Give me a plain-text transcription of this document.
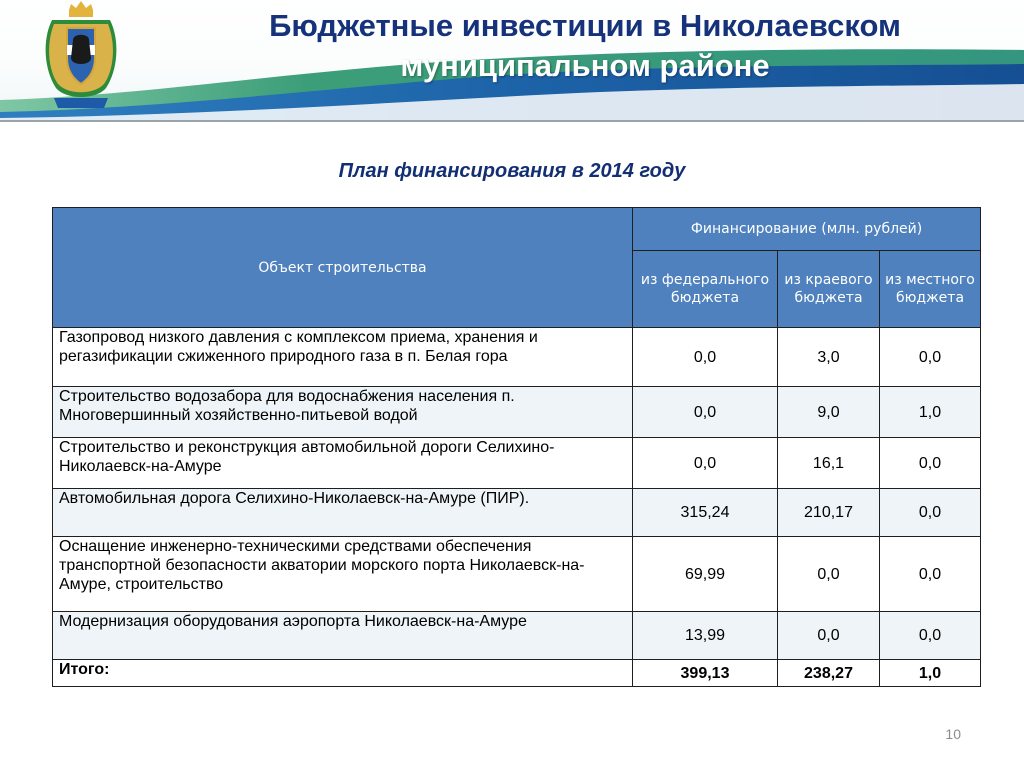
Бюджетные инвестиции в Николаевском
муниципальном районе
План финансирования в 2014 году
Объект строительства	Финансирование (млн. рублей)		
	из федерального бюджета	из краевого бюджета	из местного бюджета
Газопровод низкого давления с комплексом приема, хранения и регазификации сжиженного природного газа в п. Белая гора	0,0	3,0	0,0
Строительство водозабора для водоснабжения населения п. Многовершинный хозяйственно-питьевой водой	0,0	9,0	1,0
Строительство и реконструкция автомобильной дороги Селихино-Николаевск-на-Амуре	0,0	16,1	0,0
Автомобильная дорога Селихино-Николаевск-на-Амуре (ПИР).	315,24	210,17	0,0
Оснащение инженерно-техническими средствами обеспечения транспортной безопасности акватории морского порта Николаевск-на-Амуре, строительство	69,99	0,0	0,0
Модернизация оборудования аэропорта Николаевск-на-Амуре	13,99	0,0	0,0
Итого:	399,13	238,27	1,0
10
